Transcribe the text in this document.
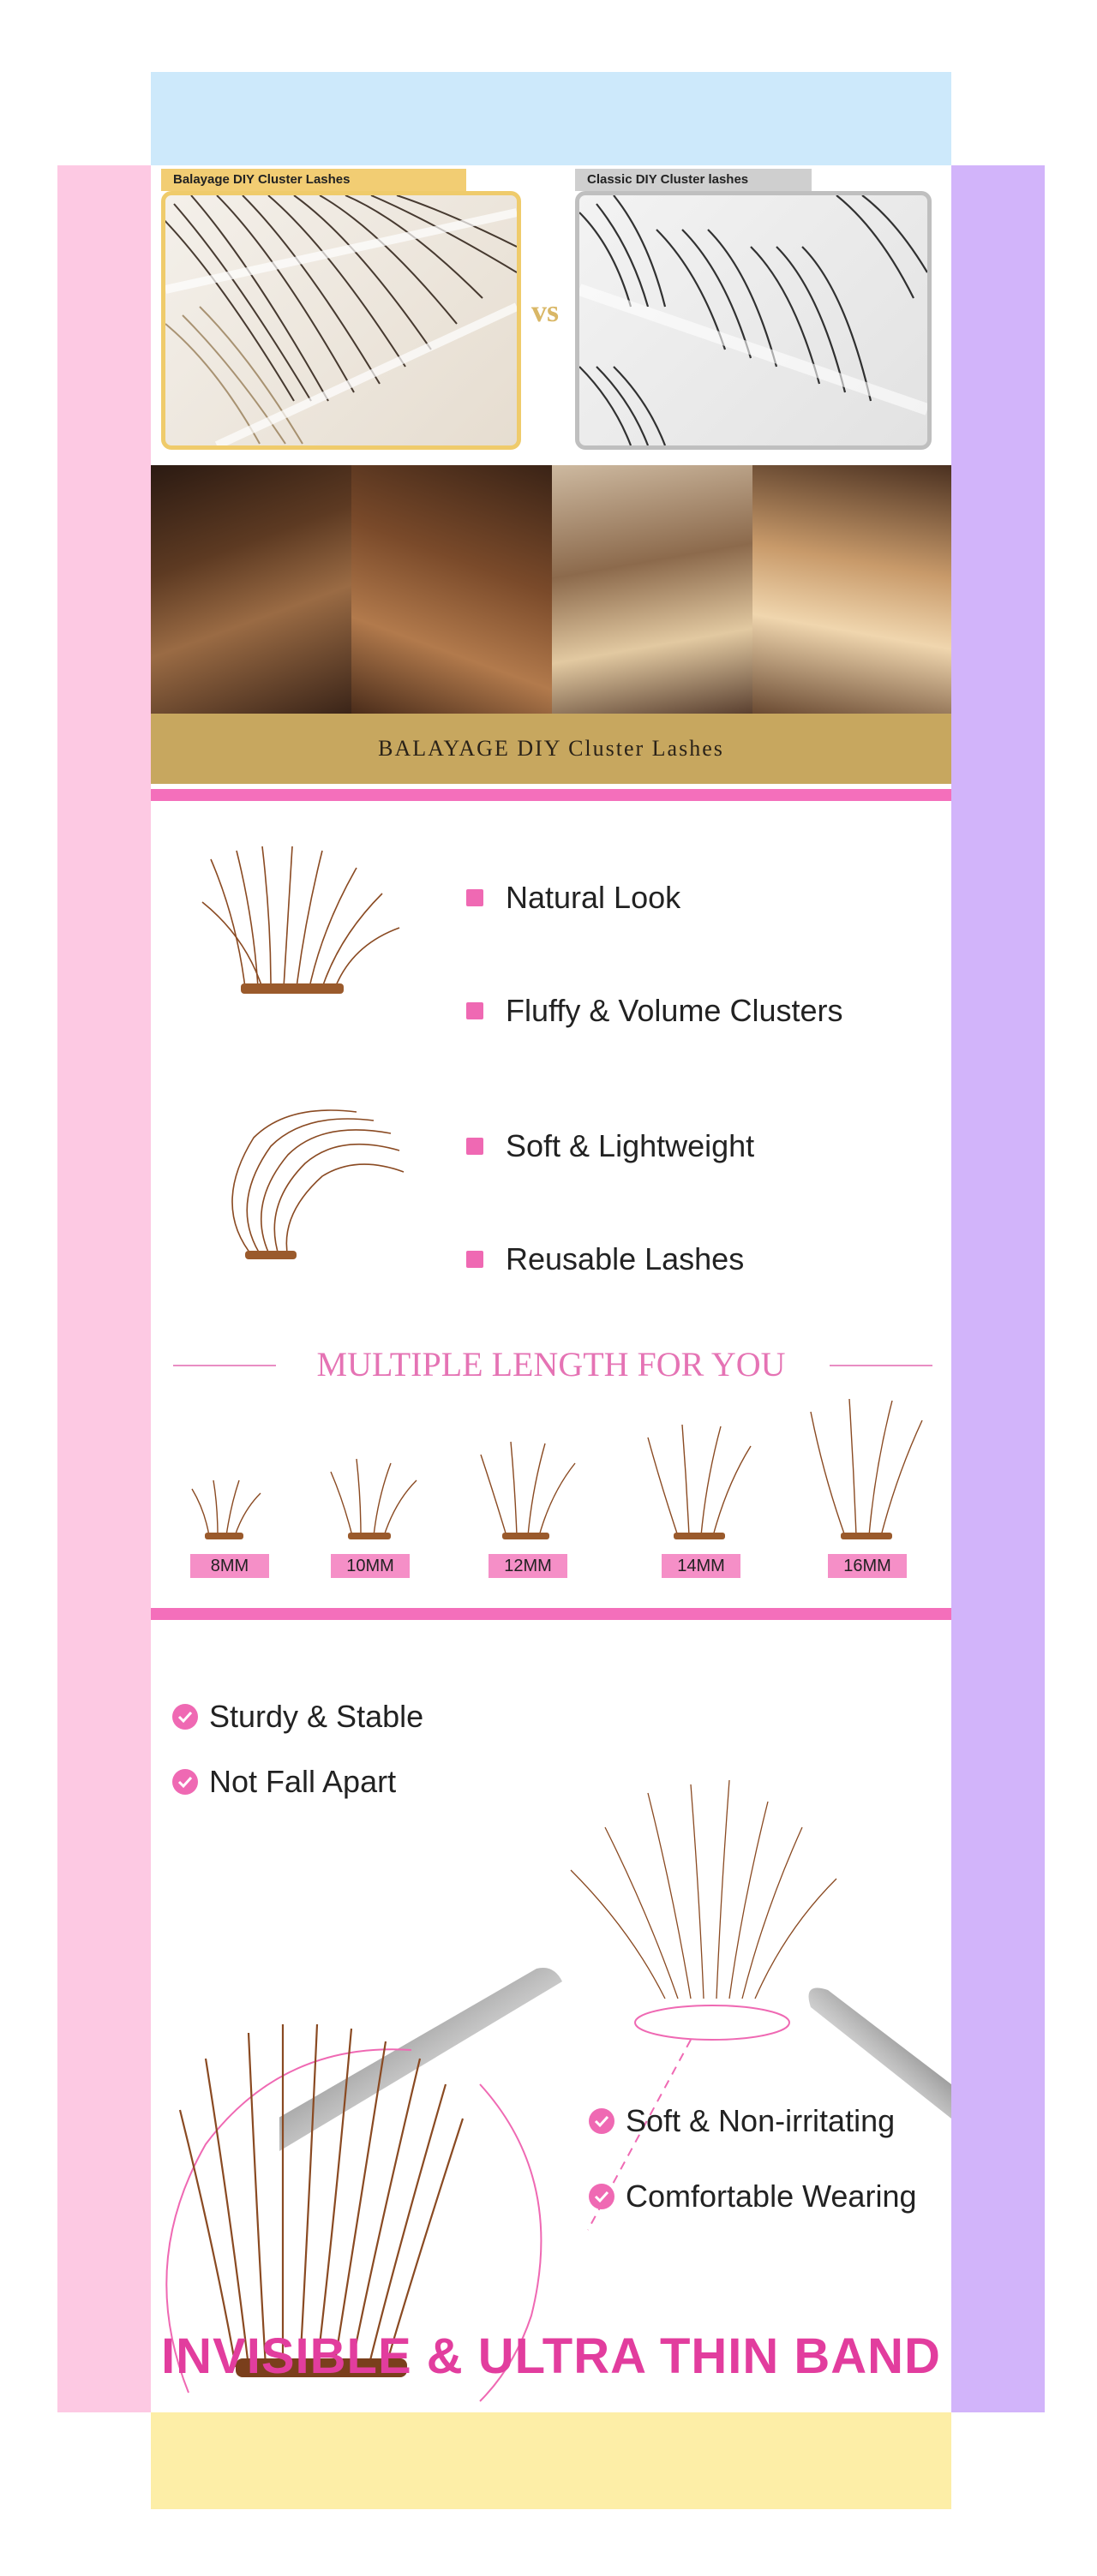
Balayage DIY Cluster Lashes	Classic DIY Cluster lashes
vs
BALAYAGE DIY Cluster Lashes
Natural Look
Fluffy & Volume Clusters
Soft & Lightweight
Reusable Lashes
MULTIPLE LENGTH FOR YOU
8MM	10MM	12MM	14MM	16MM
Sturdy & Stable
Not Fall Apart
Soft & Non-irritating
Comfortable Wearing
INVISIBLE & ULTRA THIN BAND
